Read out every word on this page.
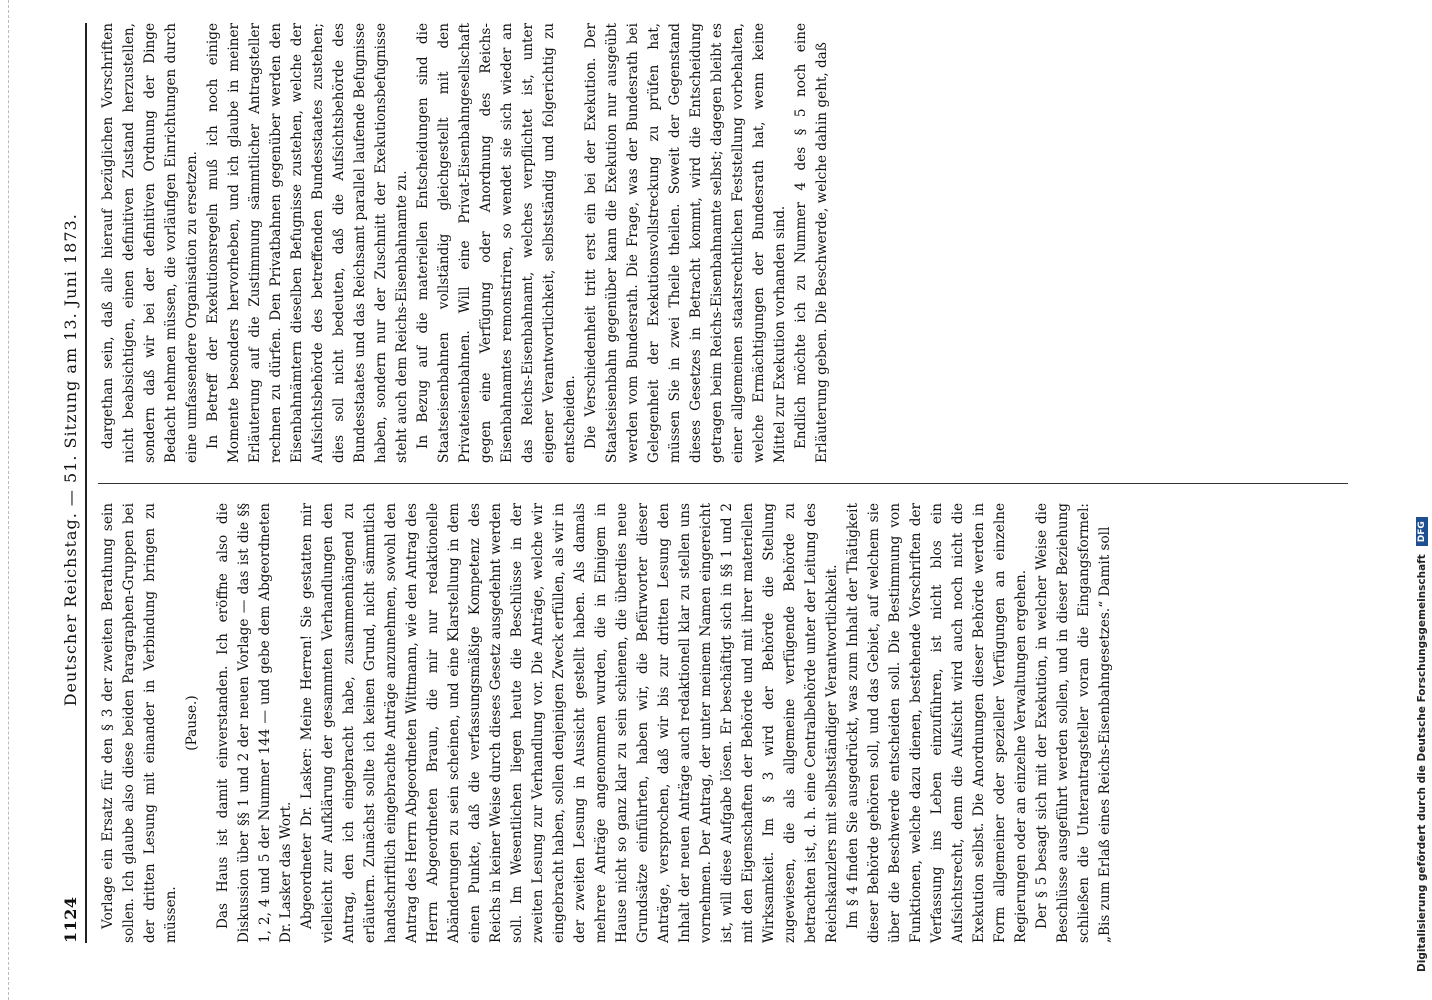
1124
Deutscher Reichstag. — 51. Sitzung am 13. Juni 1873.

Vorlage ein Ersatz für den § 3 der zweiten Berathung sein sollen. Ich glaube also diese beiden Paragraphen-Gruppen bei der dritten Lesung mit einander in Verbindung bringen zu müssen.

(Pause.) Das Haus ist damit einverstanden. Ich eröffne also die Diskussion über §§ 1 und 2 der neuen Vorlage — das ist die §§ 1, 2, 4 und 5 der Nummer 144 — und gebe dem Abgeordneten Dr. Lasker das Wort. Abgeordneter Dr. Lasker: Meine Herren! Sie gestatten mir vielleicht zur Aufklärung der gesammten Verhandlungen den Antrag, den ich eingebracht habe, zusammenhängend zu erläutern. Zunächst sollte ich keinen Grund, nicht sämmtlich handschriftlich eingebrachte Anträge anzunehmen, sowohl den Antrag des Herrn Abgeordneten Wittmann, wie den Antrag des Herrn Abgeordneten Braun, die mir nur redaktionelle Abänderungen zu sein scheinen, und eine Klarstellung in dem einen Punkte, daß die verfassungsmäßige Kompetenz des Reichs in keiner Weise durch dieses Gesetz ausgedehnt werden soll. Im Wesentlichen liegen heute die Beschlüsse in der zweiten Lesung zur Verhandlung vor. Die Anträge, welche wir eingebracht haben, sollen denjenigen Zweck erfüllen, als wir in der zweiten Lesung in Aussicht gestellt haben. Als damals mehrere Anträge angenommen wurden, die in Einigem in Hause nicht so ganz klar zu sein schienen, die überdies neue Grundsätze einführten, haben wir, die Befürworter dieser Anträge, versprochen, daß wir bis zur dritten Lesung den Inhalt der neuen Anträge auch redaktionell klar zu stellen uns vornehmen. Der Antrag, der unter meinem Namen eingereicht ist, will diese Aufgabe lösen. Er beschäftigt sich in §§ 1 und 2 mit den Eigenschaften der Behörde und mit ihrer materiellen Wirksamkeit. Im § 3 wird der Behörde die Stellung zugewiesen, die als allgemeine verfügende Behörde zu betrachten ist, d. h. eine Centralbehörde unter der Leitung des Reichskanzlers mit selbstständiger Verantwortlichkeit. Im § 4 finden Sie ausgedrückt, was zum Inhalt der Thätigkeit dieser Behörde gehören soll, und das Gebiet, auf welchem sie über die Beschwerde entscheiden soll. Die Bestimmung von Funktionen, welche dazu dienen, bestehende Vorschriften der Verfassung ins Leben einzuführen, ist nicht blos ein Aufsichtsrecht, denn die Aufsicht wird auch noch nicht die Exekution selbst. Die Anordnungen dieser Behörde werden in Form allgemeiner oder spezieller Verfügungen an einzelne Regierungen oder an einzelne Verwaltungen ergehen. Der § 5 besagt sich mit der Exekution, in welcher Weise die Beschlüsse ausgeführt werden sollen, und in dieser Beziehung schließen die Unterantragsteller voran die Eingangsformel: „Bis zum Erlaß eines Reichs-Eisenbahngesetzes.“ Damit soll

dargethan sein, daß alle hierauf bezüglichen Vorschriften nicht beabsichtigen, einen definitiven Zustand herzustellen, sondern daß wir bei der definitiven Ordnung der Dinge Bedacht nehmen müssen, die vorläufigen Einrichtungen durch eine umfassendere Organisation zu ersetzen. In Betreff der Exekutionsregeln muß ich noch einige Momente besonders hervorheben, und ich glaube in meiner Erläuterung auf die Zustimmung sämmtlicher Antragsteller rechnen zu dürfen. Den Privatbahnen gegenüber werden den Eisenbahnämtern dieselben Befugnisse zustehen, welche der Aufsichtsbehörde des betreffenden Bundesstaates zustehen; dies soll nicht bedeuten, daß die Aufsichtsbehörde des Bundesstaates und das Reichsamt parallel laufende Befugnisse haben, sondern nur der Zuschnitt der Exekutionsbefugnisse steht auch dem Reichs-Eisenbahnamte zu. In Bezug auf die materiellen Entscheidungen sind die Staatseisenbahnen vollständig gleichgestellt mit den Privateisenbahnen. Will eine Privat-Eisenbahngesellschaft gegen eine Verfügung oder Anordnung des Reichs-Eisenbahnamtes remonstriren, so wendet sie sich wieder an das Reichs-Eisenbahnamt, welches verpflichtet ist, unter eigener Verantwortlichkeit, selbstständig und folgerichtig zu entscheiden. Die Verschiedenheit tritt erst ein bei der Exekution. Der Staatseisenbahn gegenüber kann die Exekution nur ausgeübt werden vom Bundesrath. Die Frage, was der Bundesrath bei Gelegenheit der Exekutionsvollstreckung zu prüfen hat, müssen Sie in zwei Theile theilen. Soweit der Gegenstand dieses Gesetzes in Betracht kommt, wird die Entscheidung getragen beim Reichs-Eisenbahnamte selbst; dagegen bleibt es einer allgemeinen staatsrechtlichen Feststellung vorbehalten, welche Ermächtigungen der Bundesrath hat, wenn keine Mittel zur Exekution vorhanden sind. Endlich möchte ich zu Nummer 4 des § 5 noch eine Erläuterung geben. Die Beschwerde, welche dahin geht, daß

Digitalisierung gefördert durch die Deutsche Forschungsgemeinschaft
DFG
